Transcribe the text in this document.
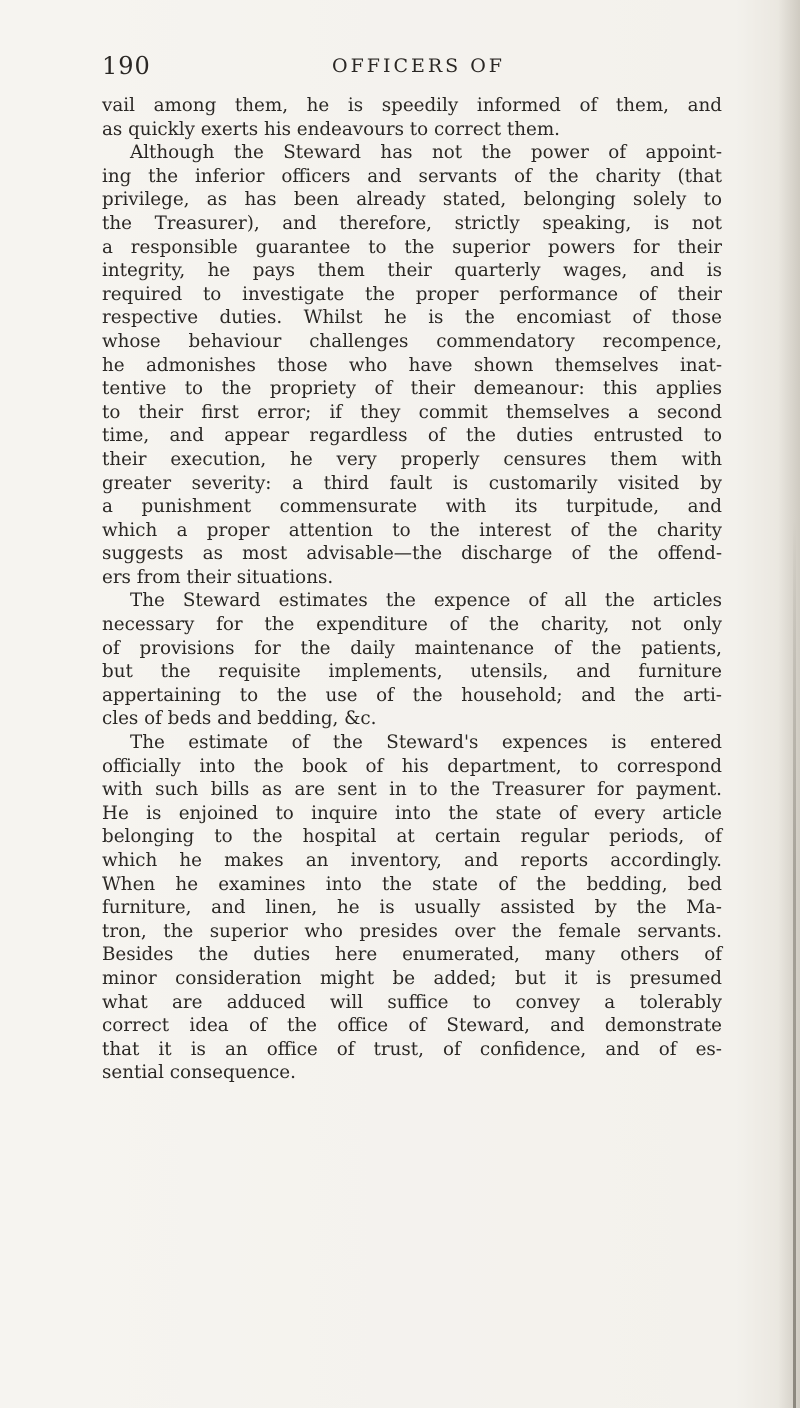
190	OFFICERS OF
vail among them, he is speedily informed of them, and
as quickly exerts his endeavours to correct them.
Although the Steward has not the power of appoint-
ing the inferior officers and servants of the charity (that
privilege, as has been already stated, belonging solely to
the Treasurer), and therefore, strictly speaking, is not
a responsible guarantee to the superior powers for their
integrity, he pays them their quarterly wages, and is
required to investigate the proper performance of their
respective duties. Whilst he is the encomiast of those
whose behaviour challenges commendatory recompence,
he admonishes those who have shown themselves inat-
tentive to the propriety of their demeanour: this applies
to their first error; if they commit themselves a second
time, and appear regardless of the duties entrusted to
their execution, he very properly censures them with
greater severity: a third fault is customarily visited by
a punishment commensurate with its turpitude, and
which a proper attention to the interest of the charity
suggests as most advisable—the discharge of the offend-
ers from their situations.
The Steward estimates the expence of all the articles
necessary for the expenditure of the charity, not only
of provisions for the daily maintenance of the patients,
but the requisite implements, utensils, and furniture
appertaining to the use of the household; and the arti-
cles of beds and bedding, &c.
The estimate of the Steward's expences is entered
officially into the book of his department, to correspond
with such bills as are sent in to the Treasurer for payment.
He is enjoined to inquire into the state of every article
belonging to the hospital at certain regular periods, of
which he makes an inventory, and reports accordingly.
When he examines into the state of the bedding, bed
furniture, and linen, he is usually assisted by the Ma-
tron, the superior who presides over the female servants.
Besides the duties here enumerated, many others of
minor consideration might be added; but it is presumed
what are adduced will suffice to convey a tolerably
correct idea of the office of Steward, and demonstrate
that it is an office of trust, of confidence, and of es-
sential consequence.
